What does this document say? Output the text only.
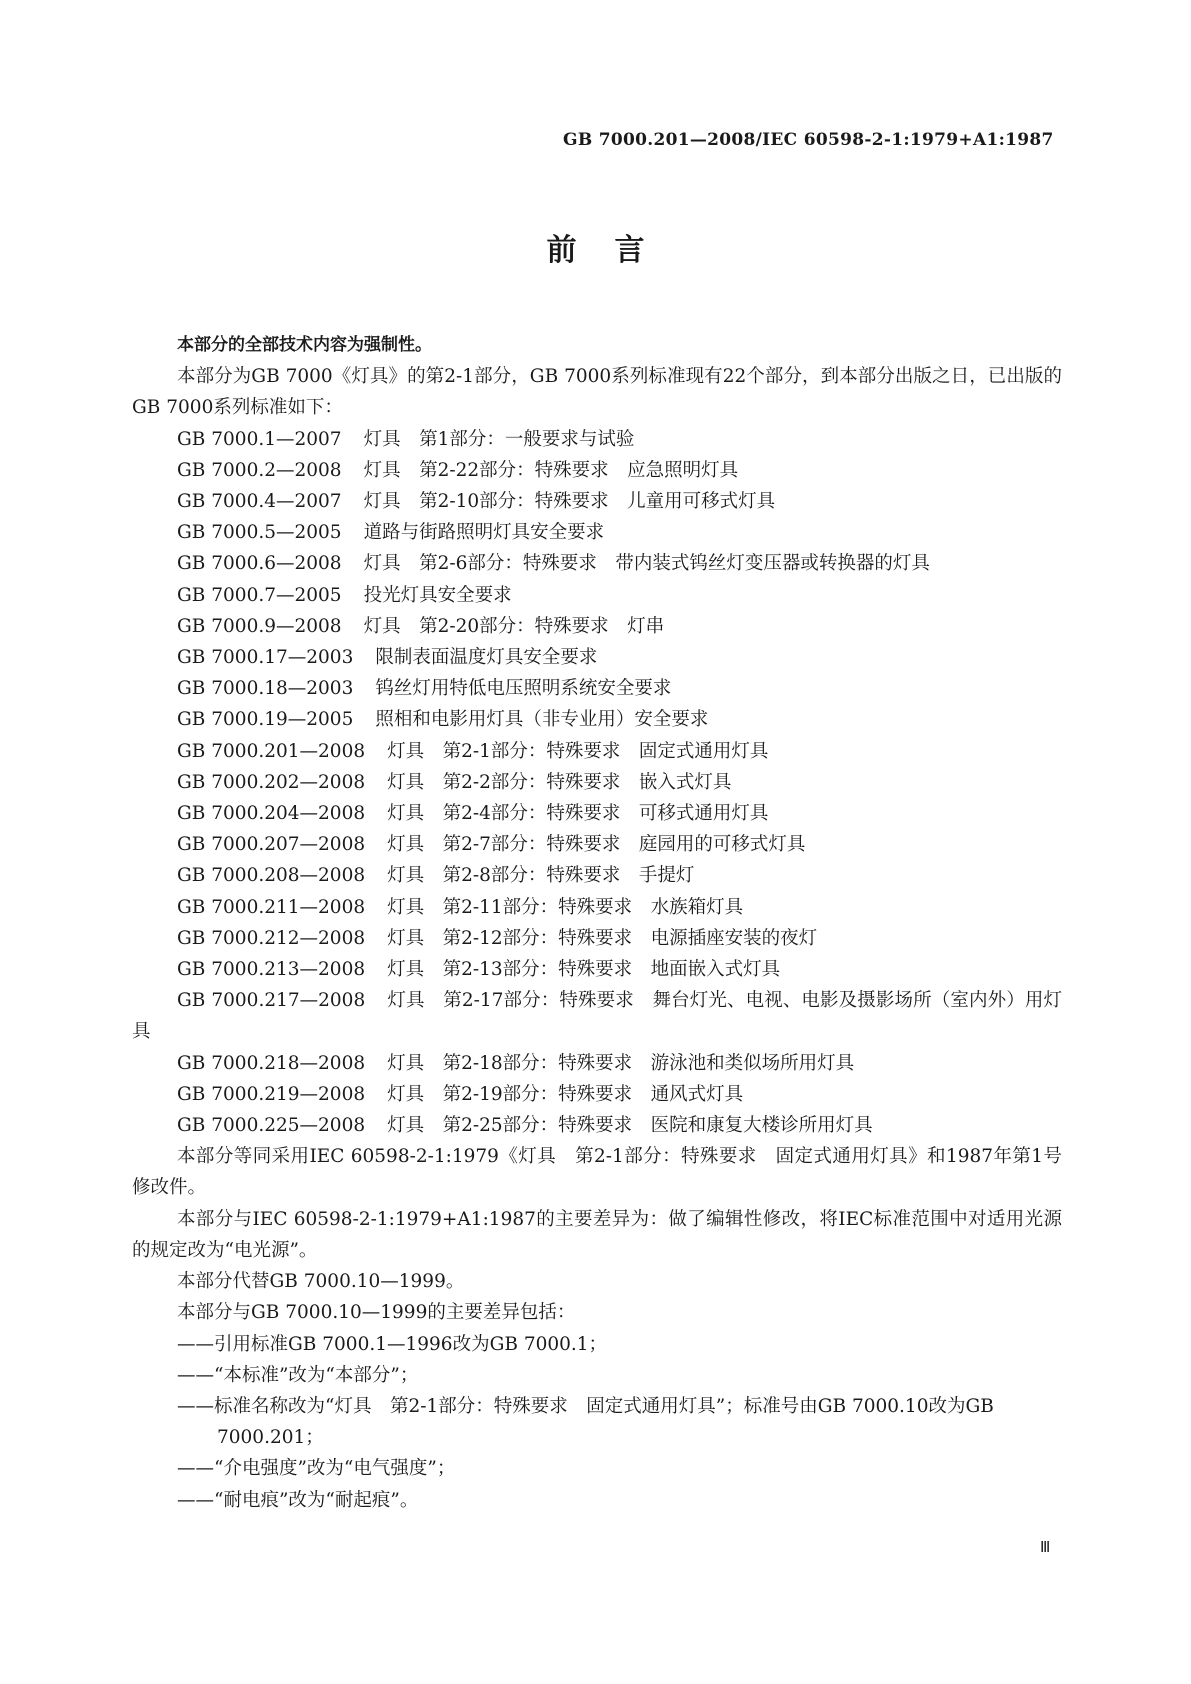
GB 7000.201—2008/IEC 60598-2-1:1979+A1:1987
前言

本部分的全部技术内容为强制性。

本部分为GB 7000《灯具》的第2-1部分，GB 7000系列标准现有22个部分，到本部分出版之日，已出版的GB 7000系列标准如下：

GB 7000.1—2007 灯具　第1部分：一般要求与试验

GB 7000.2—2008 灯具　第2-22部分：特殊要求　应急照明灯具

GB 7000.4—2007 灯具　第2-10部分：特殊要求　儿童用可移式灯具

GB 7000.5—2005 道路与街路照明灯具安全要求

GB 7000.6—2008 灯具　第2-6部分：特殊要求　带内装式钨丝灯变压器或转换器的灯具

GB 7000.7—2005 投光灯具安全要求

GB 7000.9—2008 灯具　第2-20部分：特殊要求　灯串

GB 7000.17—2003 限制表面温度灯具安全要求

GB 7000.18—2003 钨丝灯用特低电压照明系统安全要求

GB 7000.19—2005 照相和电影用灯具（非专业用）安全要求

GB 7000.201—2008 灯具　第2-1部分：特殊要求　固定式通用灯具

GB 7000.202—2008 灯具　第2-2部分：特殊要求　嵌入式灯具

GB 7000.204—2008 灯具　第2-4部分：特殊要求　可移式通用灯具

GB 7000.207—2008 灯具　第2-7部分：特殊要求　庭园用的可移式灯具

GB 7000.208—2008 灯具　第2-8部分：特殊要求　手提灯

GB 7000.211—2008 灯具　第2-11部分：特殊要求　水族箱灯具

GB 7000.212—2008 灯具　第2-12部分：特殊要求　电源插座安装的夜灯

GB 7000.213—2008 灯具　第2-13部分：特殊要求　地面嵌入式灯具

GB 7000.217—2008 灯具　第2-17部分：特殊要求　舞台灯光、电视、电影及摄影场所（室内外）用灯具

GB 7000.218—2008 灯具　第2-18部分：特殊要求　游泳池和类似场所用灯具

GB 7000.219—2008 灯具　第2-19部分：特殊要求　通风式灯具

GB 7000.225—2008 灯具　第2-25部分：特殊要求　医院和康复大楼诊所用灯具

本部分等同采用IEC 60598-2-1:1979《灯具　第2-1部分：特殊要求　固定式通用灯具》和1987年第1号修改件。

本部分与IEC 60598-2-1:1979+A1:1987的主要差异为：做了编辑性修改，将IEC标准范围中对适用光源的规定改为“电光源”。

本部分代替GB 7000.10—1999。

本部分与GB 7000.10—1999的主要差异包括：

——引用标准GB 7000.1—1996改为GB 7000.1；

——“本标准”改为“本部分”；

——标准名称改为“灯具　第2-1部分：特殊要求　固定式通用灯具”；标准号由GB 7000.10改为GB 7000.201；

——“介电强度”改为“电气强度”；

——“耐电痕”改为“耐起痕”。

Ⅲ
